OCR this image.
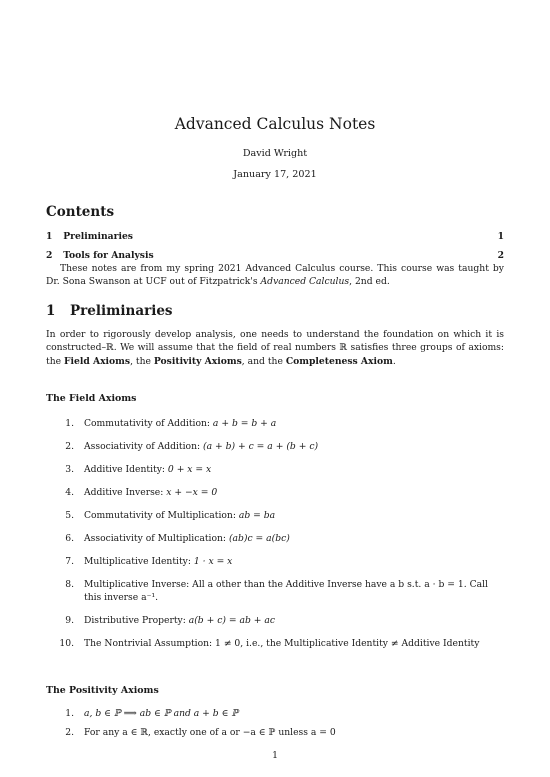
Advanced Calculus Notes
David Wright
January 17, 2021
Contents
1 Preliminaries	1
2 Tools for Analysis	2
These notes are from my spring 2021 Advanced Calculus course. This course was taught by Dr. Sona Swanson at UCF out of Fitzpatrick's Advanced Calculus, 2nd ed.
1 Preliminaries
In order to rigorously develop analysis, one needs to understand the foundation on which it is constructed–ℝ. We will assume that the field of real numbers ℝ satisfies three groups of axioms: the Field Axioms, the Positivity Axioms, and the Completeness Axiom.
The Field Axioms
1. Commutativity of Addition: a + b = b + a
2. Associativity of Addition: (a + b) + c = a + (b + c)
3. Additive Identity: 0 + x = x
4. Additive Inverse: x + −x = 0
5. Commutativity of Multiplication: ab = ba
6. Associativity of Multiplication: (ab)c = a(bc)
7. Multiplicative Identity: 1 · x = x
8. Multiplicative Inverse: All a other than the Additive Inverse have a b s.t. a · b = 1. Call this inverse a⁻¹.
9. Distributive Property: a(b + c) = ab + ac
10. The Nontrivial Assumption: 1 ≠ 0, i.e., the Multiplicative Identity ≠ Additive Identity
The Positivity Axioms
1. a, b ∈ ℙ ⟹ ab ∈ ℙ and a + b ∈ ℙ
2. For any a ∈ ℝ, exactly one of a or −a ∈ ℙ unless a = 0
1
